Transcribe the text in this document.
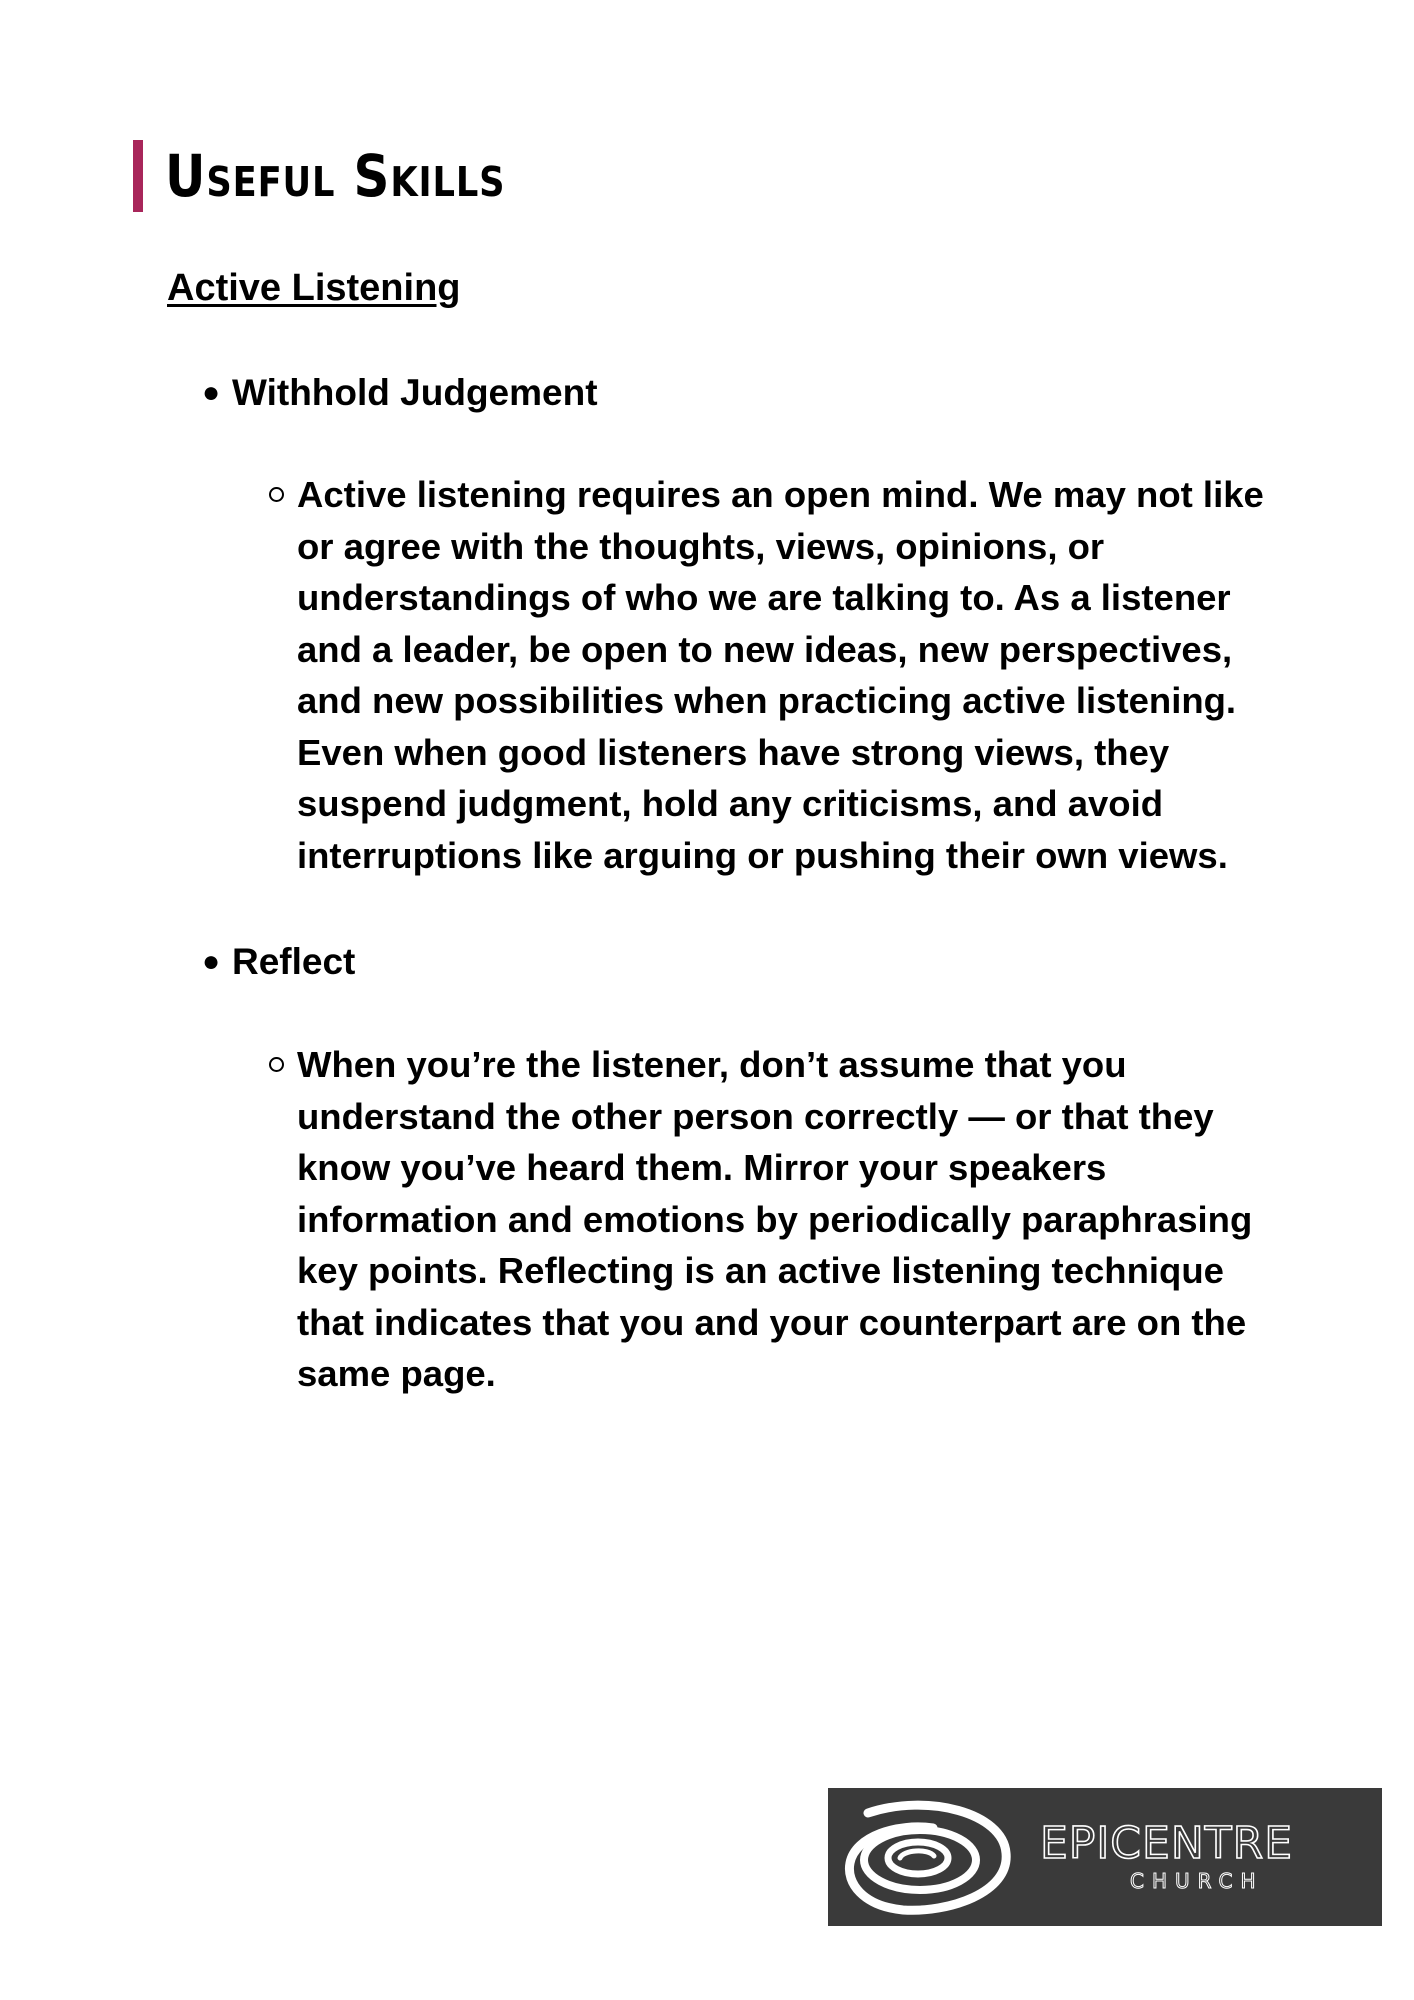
Useful Skills
Active Listening
● Withhold Judgement
Active listening requires an open mind. We may not like or agree with the thoughts, views, opinions, or understandings of who we are talking to. As a listener and a leader, be open to new ideas, new perspectives, and new possibilities when practicing active listening. Even when good listeners have strong views, they suspend judgment, hold any criticisms, and avoid interruptions like arguing or pushing their own views.
● Reflect
When you’re the listener, don’t assume that you understand the other person correctly — or that they know you’ve heard them. Mirror your speakers information and emotions by periodically paraphrasing key points. Reflecting is an active listening technique that indicates that you and your counterpart are on the same page.
EPICENTRE
CHURCH
